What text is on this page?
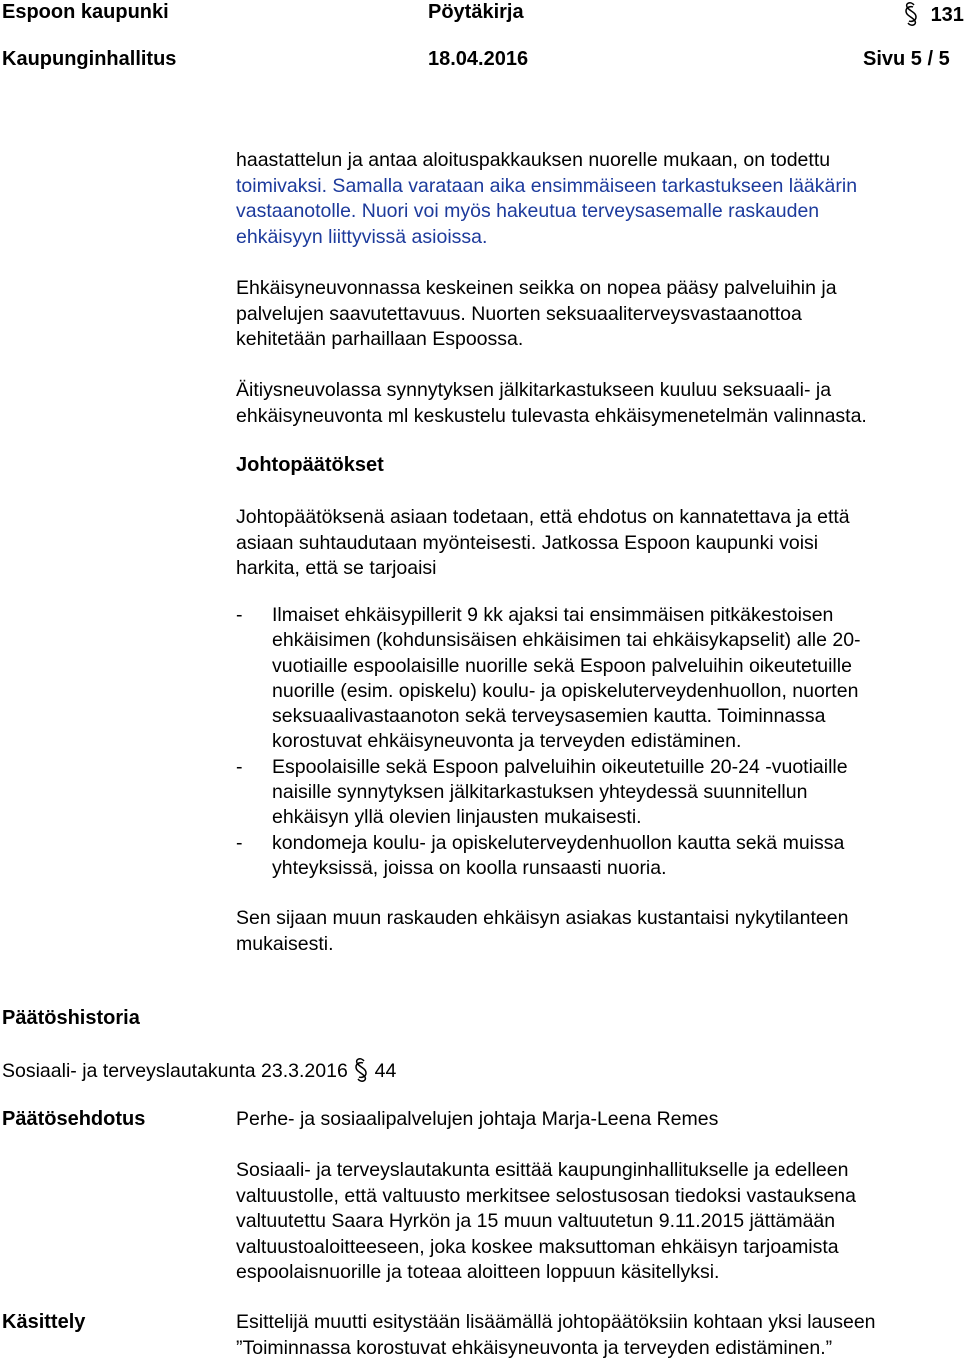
Espoon kaupunki	Pöytäkirja	131
Kaupunginhallitus	18.04.2016	Sivu 5 / 5
haastattelun ja antaa aloituspakkauksen nuorelle mukaan, on todettu
toimivaksi. Samalla varataan aika ensimmäiseen tarkastukseen lääkärin
vastaanotolle. Nuori voi myös hakeutua terveysasemalle raskauden
ehkäisyyn liittyvissä asioissa.
Ehkäisyneuvonnassa keskeinen seikka on nopea pääsy palveluihin ja
palvelujen saavutettavuus. Nuorten seksuaaliterveysvastaanottoa
kehitetään parhaillaan Espoossa.
Äitiysneuvolassa synnytyksen jälkitarkastukseen kuuluu seksuaali- ja
ehkäisyneuvonta ml keskustelu tulevasta ehkäisymenetelmän valinnasta.
Johtopäätökset
Johtopäätöksenä asiaan todetaan, että ehdotus on kannatettava ja että
asiaan suhtaudutaan myönteisesti. Jatkossa Espoon kaupunki voisi
harkita, että se tarjoaisi
- Ilmaiset ehkäisypillerit 9 kk ajaksi tai ensimmäisen pitkäkestoisen
ehkäisimen (kohdunsisäisen ehkäisimen tai ehkäisykapselit) alle 20-
vuotiaille espoolaisille nuorille sekä Espoon palveluihin oikeutetuille
nuorille (esim. opiskelu) koulu- ja opiskeluterveydenhuollon, nuorten
seksuaalivastaanoton sekä terveysasemien kautta. Toiminnassa
korostuvat ehkäisyneuvonta ja terveyden edistäminen.
- Espoolaisille sekä Espoon palveluihin oikeutetuille 20-24 -vuotiaille
naisille synnytyksen jälkitarkastuksen yhteydessä suunnitellun
ehkäisyn yllä olevien linjausten mukaisesti.
- kondomeja koulu- ja opiskeluterveydenhuollon kautta sekä muissa
yhteyksissä, joissa on koolla runsaasti nuoria.
Sen sijaan muun raskauden ehkäisyn asiakas kustantaisi nykytilanteen
mukaisesti.
Päätöshistoria
Sosiaali- ja terveyslautakunta 23.3.2016 44
Päätösehdotus	Perhe- ja sosiaalipalvelujen johtaja Marja-Leena Remes
Sosiaali- ja terveyslautakunta esittää kaupunginhallitukselle ja edelleen
valtuustolle, että valtuusto merkitsee selostusosan tiedoksi vastauksena
valtuutettu Saara Hyrkön ja 15 muun valtuutetun 9.11.2015 jättämään
valtuustoaloitteeseen, joka koskee maksuttoman ehkäisyn tarjoamista
espoolaisnuorille ja toteaa aloitteen loppuun käsitellyksi.
Käsittely	Esittelijä muutti esitystään lisäämällä johtopäätöksiin kohtaan yksi lauseen
”Toiminnassa korostuvat ehkäisyneuvonta ja terveyden edistäminen.”
